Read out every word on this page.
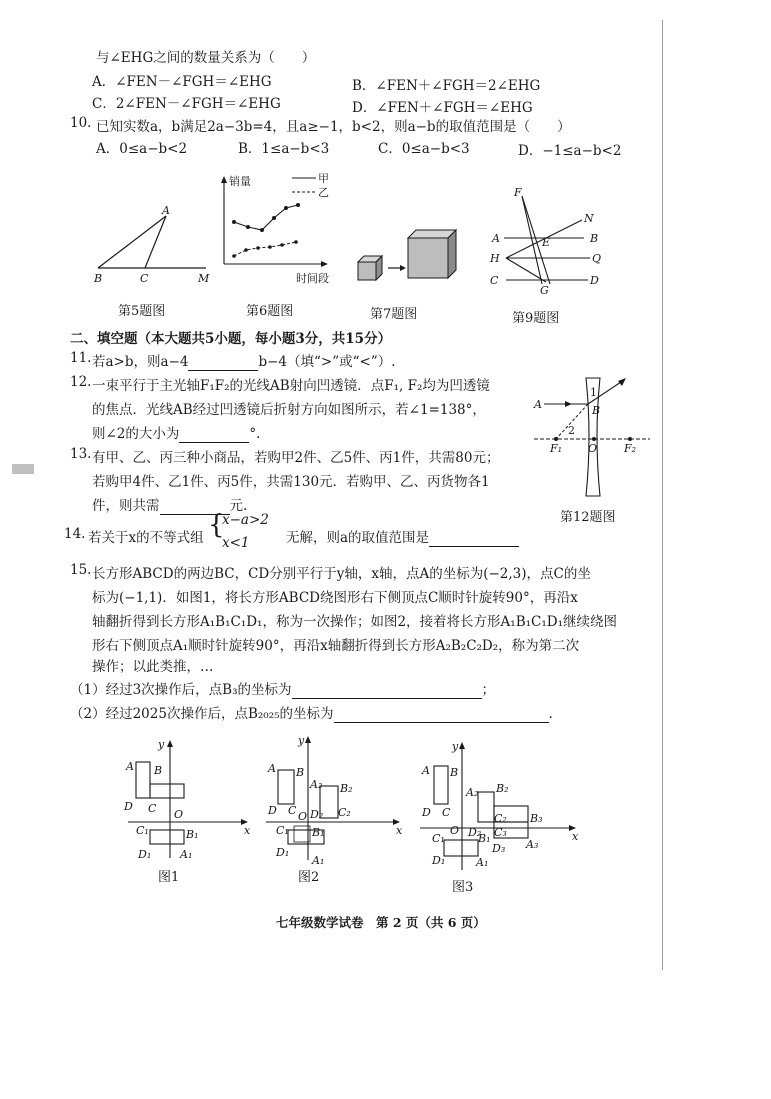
与∠EHG之间的数量关系为（　　）
A．∠FEN－∠FGH＝∠EHG	B．∠FEN＋∠FGH＝2∠EHG
C．2∠FEN－∠FGH＝∠EHG	D．∠FEN＋∠FGH＝∠EHG
10. 已知实数a，b满足2a−3b=4，且a≥−1，b<2，则a−b的取值范围是（　　）
A．0≤a−b<2	B．1≤a−b<3	C．0≤a−b<3	D．−1≤a−b<2
A
B	C	M
第5题图
销量
时间段
甲
乙
第6题图	第7题图
F
N
A	E	B
H	Q
C
G
D
第9题图
二、填空题（本大题共5小题，每小题3分，共15分）
11. 若a>b，则a−4	b−4（填“>”或“<”）.
12. 一束平行于主光轴F₁F₂的光线AB射向凹透镜．点F₁, F₂均为凹透镜
的焦点．光线AB经过凹透镜后折射方向如图所示，若∠1=138°，
则∠2的大小为	°．
A	B
1
2
F₁ O F₂
第12题图
13. 有甲、乙、丙三种小商品，若购甲2件、乙5件、丙1件，共需80元；
若购甲4件、乙1件、丙5件，共需130元．若购甲、乙、丙货物各1
件，则共需	元.
14. 若关于x的不等式组 {
x−a>2
x<1	无解，则a的取值范围是
15. 长方形ABCD的两边BC，CD分别平行于y轴，x轴，点A的坐标为(−2,3)，点C的坐
标为(−1,1)．如图1，将长方形ABCD绕图形右下侧顶点C顺时针旋转90°，再沿x
轴翻折得到长方形A₁B₁C₁D₁，称为一次操作；如图2，接着将长方形A₁B₁C₁D₁继续绕图
形右下侧顶点A₁顺时针旋转90°，再沿x轴翻折得到长方形A₂B₂C₂D₂，称为第二次
操作；以此类推，…
（1）经过3次操作后，点B₃的坐标为	；
（2）经过2025次操作后，点B₂₀₂₅的坐标为	.
A B
D C O
x
y
C₁	B₁
D₁	A₁
图1
A B
D C
A₂ B₂
C₂
D₂
O
x
y
C₁ B₁
D₁
A₁
图2
A B
D C
A₂ B₂
B₃
C₂
C₃
A₃
D₃
D₂
B₁
O	x
y
C₁
D₁	A₁
图3
七年级数学试卷　第 2 页（共 6 页）
